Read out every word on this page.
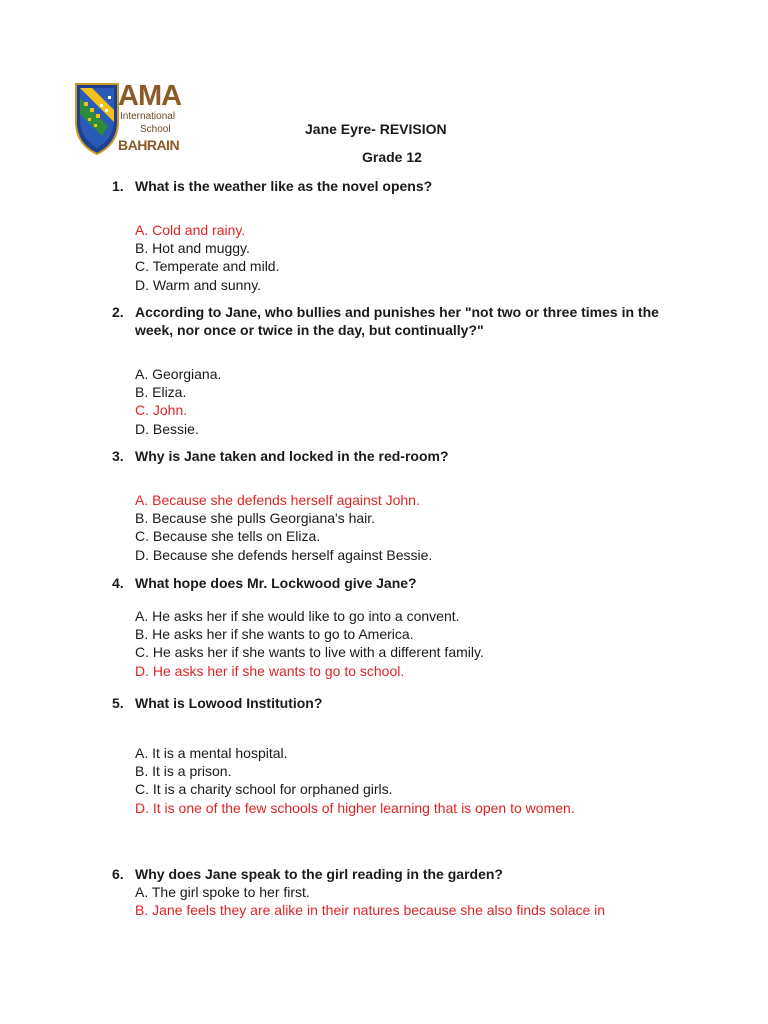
AMA
International
School
BAHRAIN
Jane Eyre- REVISION
Grade 12
1. What is the weather like as the novel opens?
A. Cold and rainy.
B. Hot and muggy.
C. Temperate and mild.
D. Warm and sunny.
2. According to Jane, who bullies and punishes her "not two or three times in the week, nor once or twice in the day, but continually?"
A. Georgiana.
B. Eliza.
C. John.
D. Bessie.
3. Why is Jane taken and locked in the red-room?
A. Because she defends herself against John.
B. Because she pulls Georgiana's hair.
C. Because she tells on Eliza.
D. Because she defends herself against Bessie.
4. What hope does Mr. Lockwood give Jane?
A. He asks her if she would like to go into a convent.
B. He asks her if she wants to go to America.
C. He asks her if she wants to live with a different family.
D. He asks her if she wants to go to school.
5. What is Lowood Institution?
A. It is a mental hospital.
B. It is a prison.
C. It is a charity school for orphaned girls.
D. It is one of the few schools of higher learning that is open to women.
6. Why does Jane speak to the girl reading in the garden?
A. The girl spoke to her first.
B. Jane feels they are alike in their natures because she also finds solace in
